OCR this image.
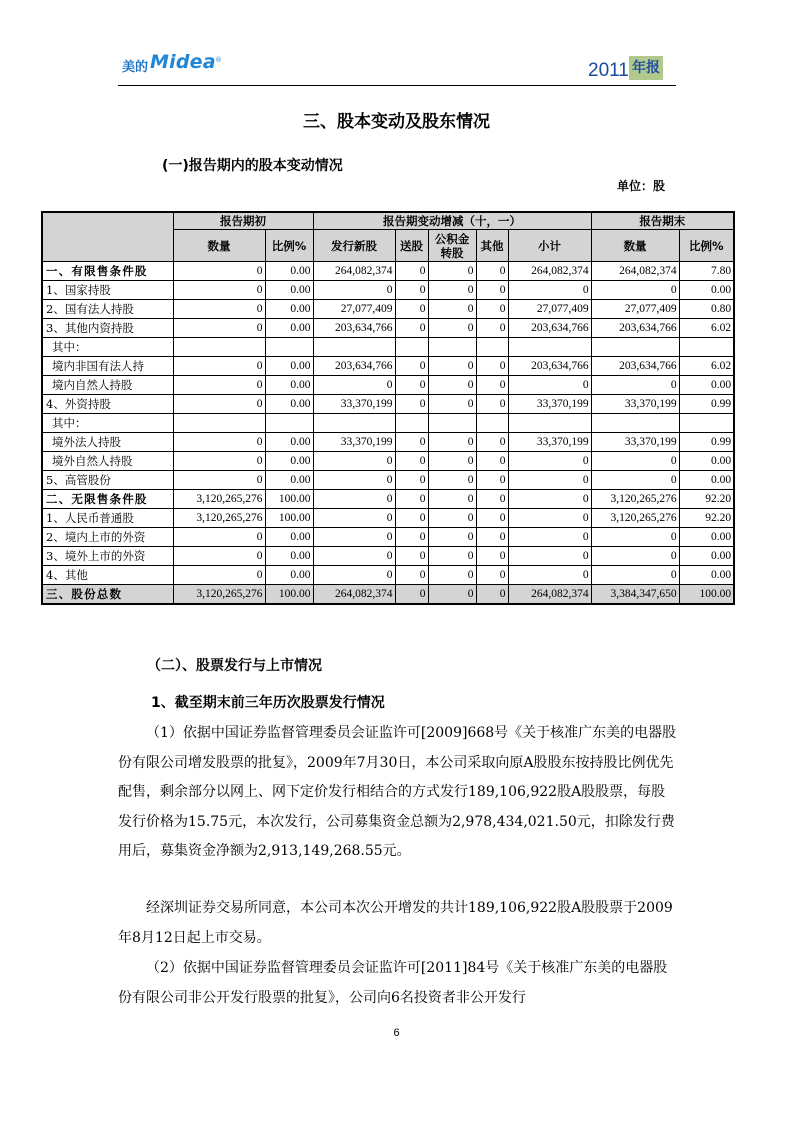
美的 Midea ®	2011 年报
三、股本变动及股东情况
(一)报告期内的股本变动情况
单位：股
	报告期初		报告期变动增减（十，一）					报告期末	
	数量	比例%	发行新股	送股	公积金转股	其他	小计	数量	比例%
一、有限售条件股	0	0.00	264,082,374	0	0	0	264,082,374	264,082,374	7.80
1、国家持股	0	0.00	0	0	0	0	0	0	0.00
2、国有法人持股	0	0.00	27,077,409	0	0	0	27,077,409	27,077,409	0.80
3、其他内资持股	0	0.00	203,634,766	0	0	0	203,634,766	203,634,766	6.02
其中：									
境内非国有法人持	0	0.00	203,634,766	0	0	0	203,634,766	203,634,766	6.02
境内自然人持股	0	0.00	0	0	0	0	0	0	0.00
4、外资持股	0	0.00	33,370,199	0	0	0	33,370,199	33,370,199	0.99
其中：									
境外法人持股	0	0.00	33,370,199	0	0	0	33,370,199	33,370,199	0.99
境外自然人持股	0	0.00	0	0	0	0	0	0	0.00
5、高管股份	0	0.00	0	0	0	0	0	0	0.00
二、无限售条件股	3,120,265,276	100.00	0	0	0	0	0	3,120,265,276	92.20
1、人民币普通股	3,120,265,276	100.00	0	0	0	0	0	3,120,265,276	92.20
2、境内上市的外资	0	0.00	0	0	0	0	0	0	0.00
3、境外上市的外资	0	0.00	0	0	0	0	0	0	0.00
4、其他	0	0.00	0	0	0	0	0	0	0.00
三、股份总数	3,120,265,276	100.00	264,082,374	0	0	0	264,082,374	3,384,347,650	100.00
（二）、股票发行与上市情况
1、截至期末前三年历次股票发行情况

（1）依据中国证券监督管理委员会证监许可[2009]668号《关于核准广东美的电器股份有限公司增发股票的批复》，2009年7月30日，本公司采取向原A股股东按持股比例优先配售，剩余部分以网上、网下定价发行相结合的方式发行189,106,922股A股股票，每股发行价格为15.75元，本次发行，公司募集资金总额为2,978,434,021.50元，扣除发行费用后，募集资金净额为2,913,149,268.55元。

经深圳证券交易所同意，本公司本次公开增发的共计189,106,922股A股股票于2009年8月12日起上市交易。

（2）依据中国证券监督管理委员会证监许可[2011]84号《关于核准广东美的电器股份有限公司非公开发行股票的批复》，公司向6名投资者非公开发行

6
